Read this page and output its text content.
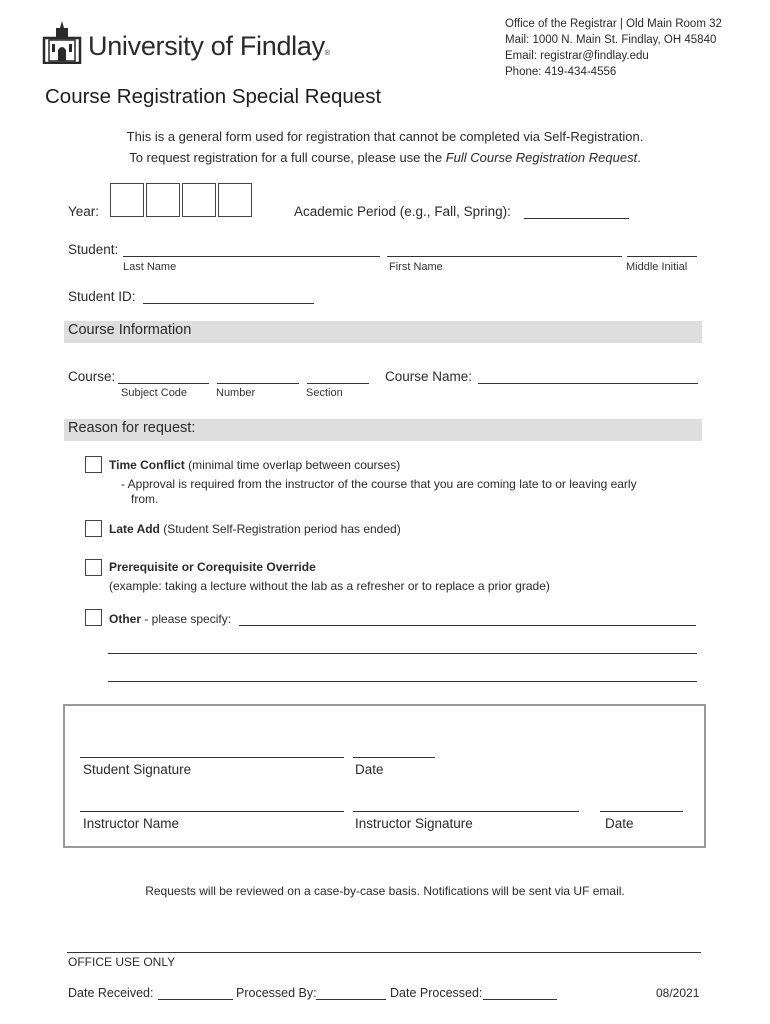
University of Findlay®
Office of the Registrar | Old Main Room 32
Mail: 1000 N. Main St. Findlay, OH 45840
Email: registrar@findlay.edu
Phone: 419-434-4556
Course Registration Special Request
This is a general form used for registration that cannot be completed via Self-Registration.
To request registration for a full course, please use the Full Course Registration Request.
Year:	Academic Period (e.g., Fall, Spring):
Student:
Last Name	First Name	Middle Initial
Student ID:
Course Information
Course:
Subject Code	Number	Section
Course Name:
Reason for request:
Time Conflict (minimal time overlap between courses)
- Approval is required from the instructor of the course that you are coming late to or leaving early
from.
Late Add (Student Self-Registration period has ended)
Prerequisite or Corequisite Override
(example: taking a lecture without the lab as a refresher or to replace a prior grade)
Other - please specify:
Student Signature	Date
Instructor Name	Instructor Signature	Date
Requests will be reviewed on a case-by-case basis. Notifications will be sent via UF email.
OFFICE USE ONLY
Date Received:	Processed By:	Date Processed:	08/2021
